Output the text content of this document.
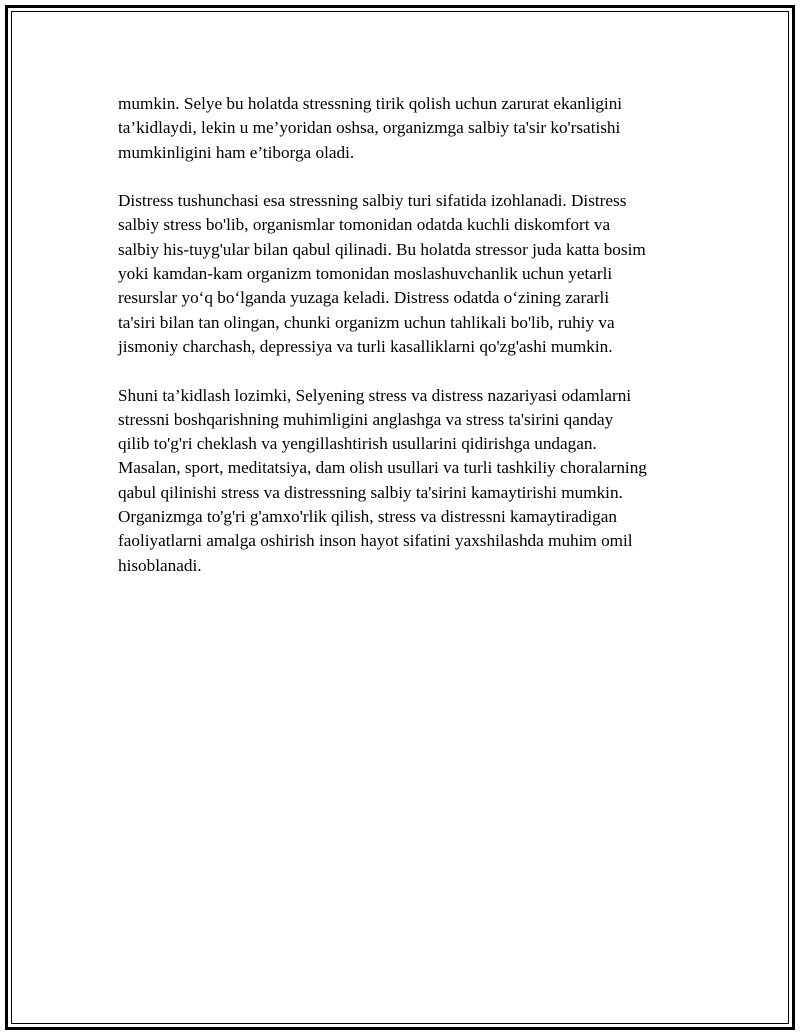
mumkin. Selye bu holatda stressning tirik qolish uchun zarurat ekanligini
ta’kidlaydi, lekin u me’yoridan oshsa, organizmga salbiy ta'sir ko'rsatishi
mumkinligini ham e’tiborga oladi.

Distress tushunchasi esa stressning salbiy turi sifatida izohlanadi. Distress
salbiy stress bo'lib, organismlar tomonidan odatda kuchli diskomfort va
salbiy his-tuyg'ular bilan qabul qilinadi. Bu holatda stressor juda katta bosim
yoki kamdan-kam organizm tomonidan moslashuvchanlik uchun yetarli
resurslar yo‘q bo‘lganda yuzaga keladi. Distress odatda o‘zining zararli
ta'siri bilan tan olingan, chunki organizm uchun tahlikali bo'lib, ruhiy va
jismoniy charchash, depressiya va turli kasalliklarni qo'zg'ashi mumkin.

Shuni ta’kidlash lozimki, Selyening stress va distress nazariyasi odamlarni
stressni boshqarishning muhimligini anglashga va stress ta'sirini qanday
qilib to'g'ri cheklash va yengillashtirish usullarini qidirishga undagan.
Masalan, sport, meditatsiya, dam olish usullari va turli tashkiliy choralarning
qabul qilinishi stress va distressning salbiy ta'sirini kamaytirishi mumkin.
Organizmga to'g'ri g'amxo'rlik qilish, stress va distressni kamaytiradigan
faoliyatlarni amalga oshirish inson hayot sifatini yaxshilashda muhim omil
hisoblanadi.
